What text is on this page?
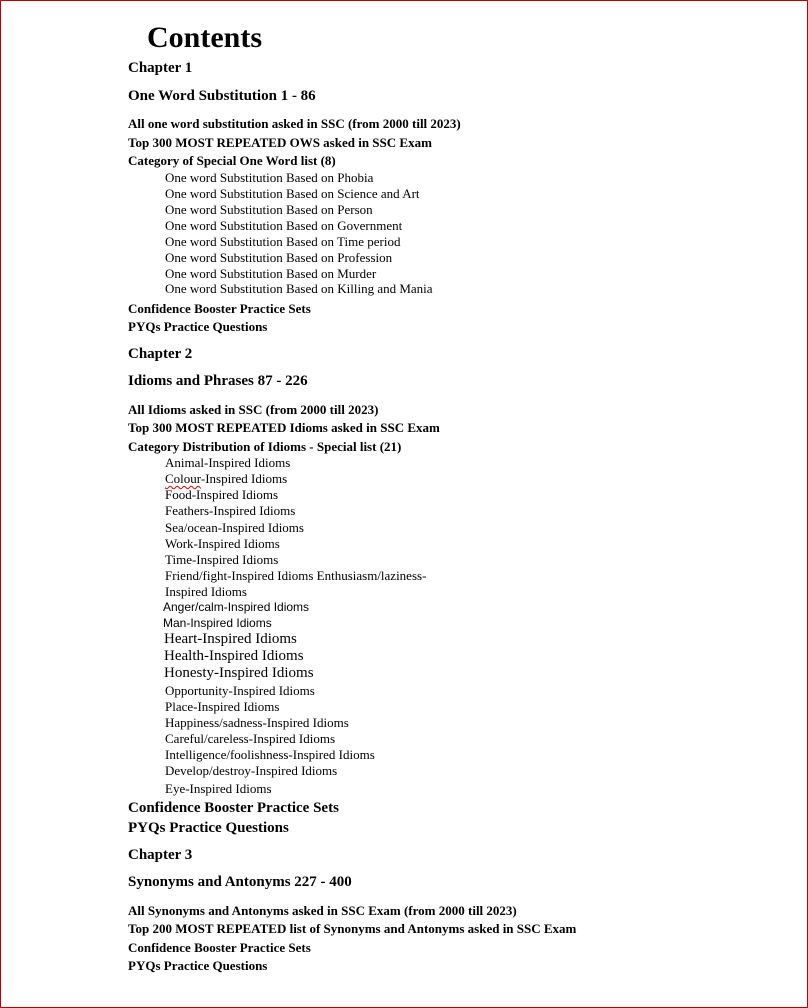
Contents
Chapter 1
One Word Substitution 1 - 86
All one word substitution asked in SSC (from 2000 till 2023)
Top 300 MOST REPEATED OWS asked in SSC Exam
Category of Special One Word list (8)
One word Substitution Based on Phobia
One word Substitution Based on Science and Art
One word Substitution Based on Person
One word Substitution Based on Government
One word Substitution Based on Time period
One word Substitution Based on Profession
One word Substitution Based on Murder
One word Substitution Based on Killing and Mania
Confidence Booster Practice Sets
PYQs Practice Questions
Chapter 2
Idioms and Phrases 87 - 226
All Idioms asked in SSC (from 2000 till 2023)
Top 300 MOST REPEATED Idioms asked in SSC Exam
Category Distribution of Idioms - Special list (21)
Animal-Inspired Idioms
Colour-Inspired Idioms
Food-Inspired Idioms
Feathers-Inspired Idioms
Sea/ocean-Inspired Idioms
Work-Inspired Idioms
Time-Inspired Idioms
Friend/fight-Inspired Idioms Enthusiasm/laziness-
Inspired Idioms
Anger/calm-Inspired Idioms
Man-Inspired Idioms
Heart-Inspired Idioms
Health-Inspired Idioms
Honesty-Inspired Idioms
Opportunity-Inspired Idioms
Place-Inspired Idioms
Happiness/sadness-Inspired Idioms
Careful/careless-Inspired Idioms
Intelligence/foolishness-Inspired Idioms
Develop/destroy-Inspired Idioms
Eye-Inspired Idioms
Confidence Booster Practice Sets
PYQs Practice Questions
Chapter 3
Synonyms and Antonyms 227 - 400
All Synonyms and Antonyms asked in SSC Exam (from 2000 till 2023)
Top 200 MOST REPEATED list of Synonyms and Antonyms asked in SSC Exam
Confidence Booster Practice Sets
PYQs Practice Questions
